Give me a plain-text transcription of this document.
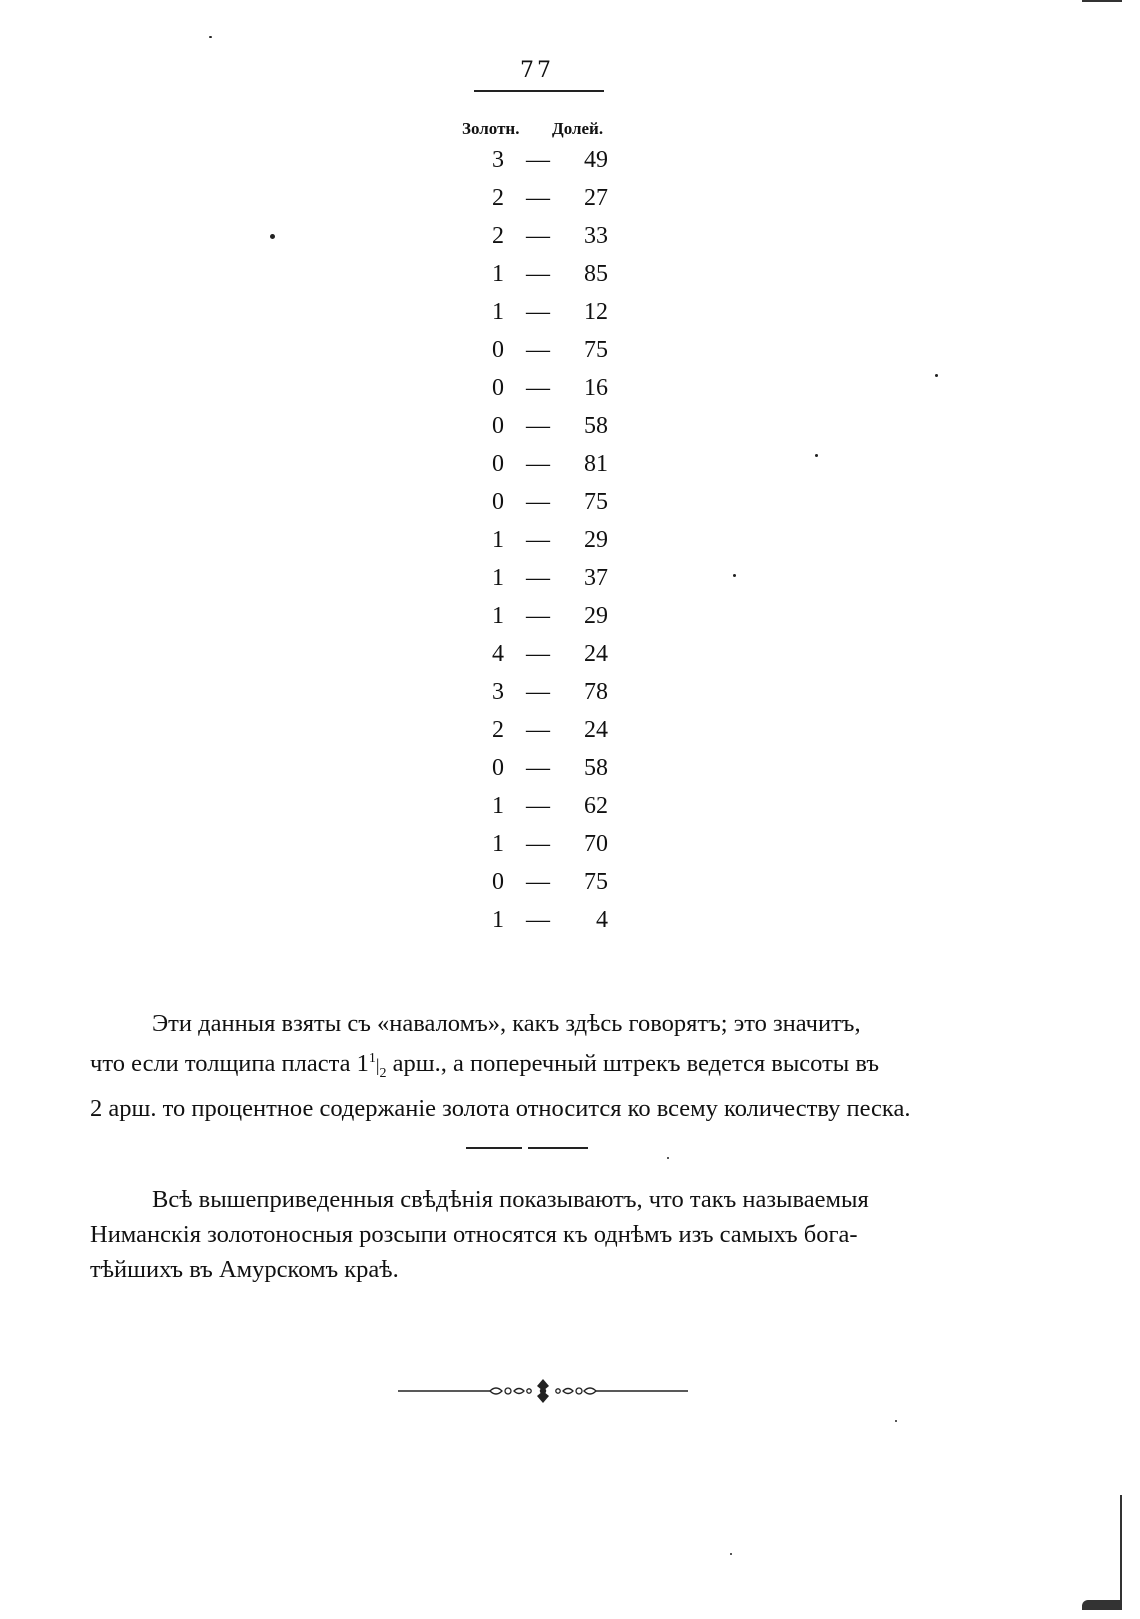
77
Золотн. Долей.
3 —	49
2 —	27
2 —	33
1 —	85
1 —	12
0 —	75
0 —	16
0 —	58
0 —	81
0 —	75
1 —	29
1 —	37
1 —	29
4 —	24
3 —	78
2 —	24
0 —	58
1 —	62
1 —	70
0 —	75
1 —	4

Эти данныя взяты съ «наваломъ», какъ здѣсь говорятъ; это значитъ,

что если толщипа пласта $1^1|_2$ арш., а поперечный штрекъ ведется высоты въ

2 арш. то процентное содержаніе золота относится ко всему количеству песка.

Всѣ вышеприведенныя свѣдѣнія показываютъ, что такъ называемыя

Ниманскія золотоносныя розсыпи относятся къ однѣмъ изъ самыхъ бога-

тѣйшихъ въ Амурскомъ краѣ.
